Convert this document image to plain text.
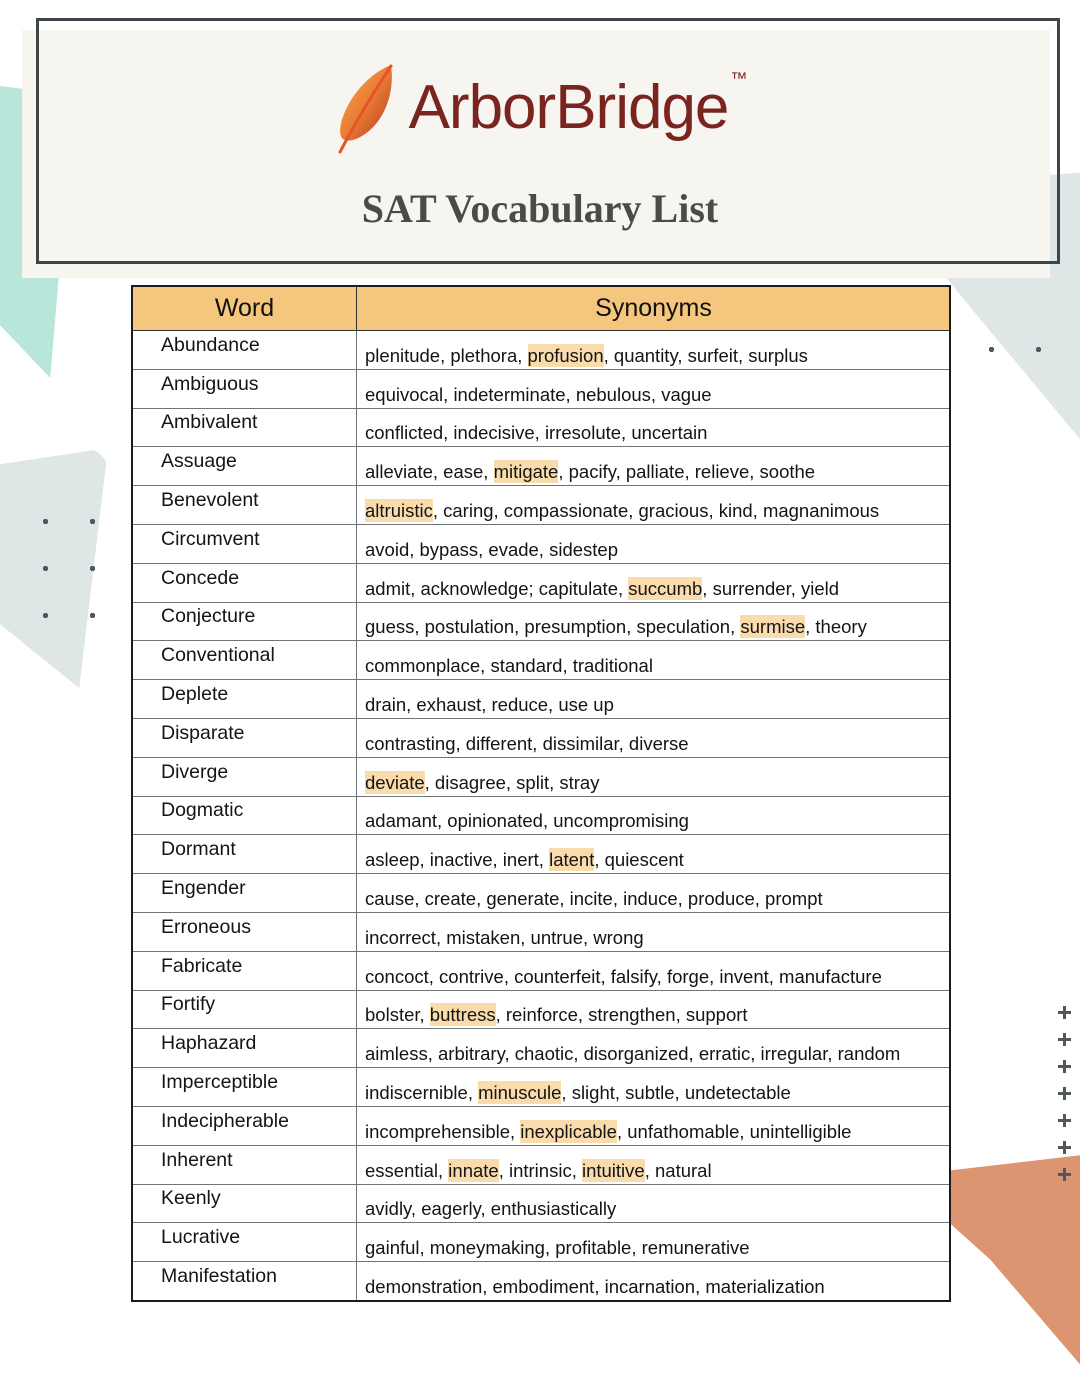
ArborBridge ™
SAT Vocabulary List
Word	Synonyms
Abundance	plenitude, plethora, profusion, quantity, surfeit, surplus
Ambiguous	equivocal, indeterminate, nebulous, vague
Ambivalent	conflicted, indecisive, irresolute, uncertain
Assuage	alleviate, ease, mitigate, pacify, palliate, relieve, soothe
Benevolent	altruistic, caring, compassionate, gracious, kind, magnanimous
Circumvent	avoid, bypass, evade, sidestep
Concede	admit, acknowledge; capitulate, succumb, surrender, yield
Conjecture	guess, postulation, presumption, speculation, surmise, theory
Conventional	commonplace, standard, traditional
Deplete	drain, exhaust, reduce, use up
Disparate	contrasting, different, dissimilar, diverse
Diverge	deviate, disagree, split, stray
Dogmatic	adamant, opinionated, uncompromising
Dormant	asleep, inactive, inert, latent, quiescent
Engender	cause, create, generate, incite, induce, produce, prompt
Erroneous	incorrect, mistaken, untrue, wrong
Fabricate	concoct, contrive, counterfeit, falsify, forge, invent, manufacture
Fortify	bolster, buttress, reinforce, strengthen, support
Haphazard	aimless, arbitrary, chaotic, disorganized, erratic, irregular, random
Imperceptible	indiscernible, minuscule, slight, subtle, undetectable
Indecipherable	incomprehensible, inexplicable, unfathomable, unintelligible
Inherent	essential, innate, intrinsic, intuitive, natural
Keenly	avidly, eagerly, enthusiastically
Lucrative	gainful, moneymaking, profitable, remunerative
Manifestation	demonstration, embodiment, incarnation, materialization
